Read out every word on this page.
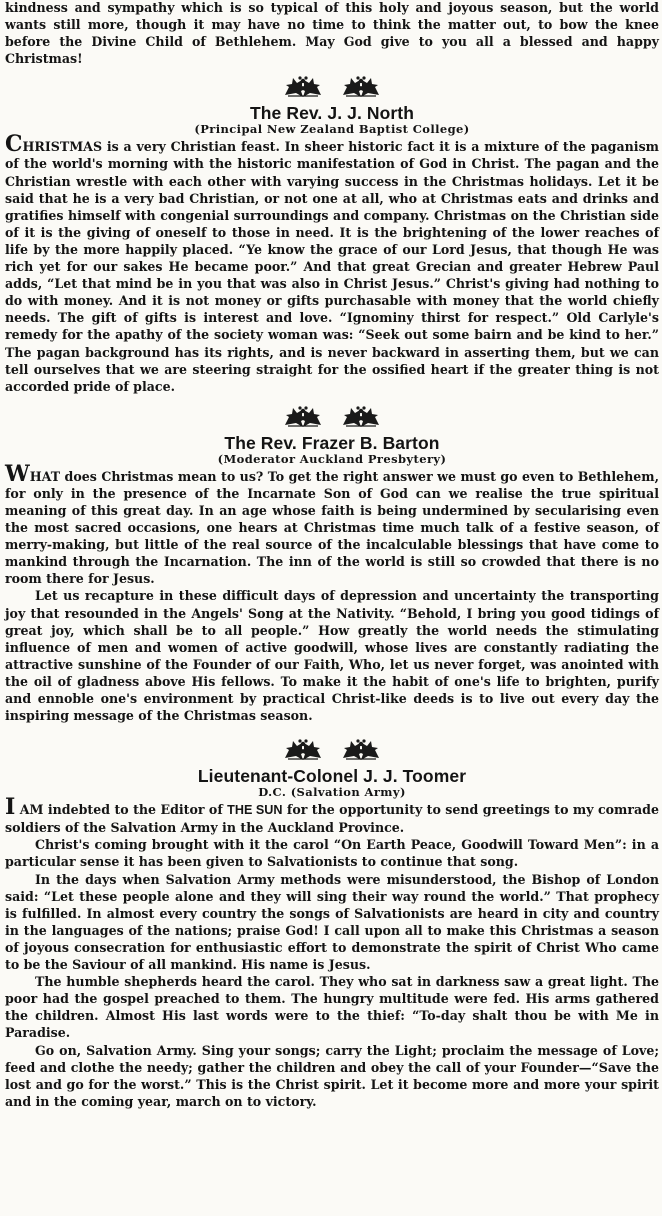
kindness and sympathy which is so typical of this holy and joyous season, but the world wants still more, though it may have no time to think the matter out, to bow the knee before the Divine Child of Bethlehem. May God give to you all a blessed and happy Christmas!

The Rev. J. J. North
(Principal New Zealand Baptist College)

CHRISTMAS is a very Christian feast. In sheer historic fact it is a mixture of the paganism of the world's morning with the historic manifestation of God in Christ. The pagan and the Christian wrestle with each other with varying success in the Christmas holidays. Let it be said that he is a very bad Christian, or not one at all, who at Christmas eats and drinks and gratifies himself with congenial surroundings and company. Christmas on the Christian side of it is the giving of oneself to those in need. It is the brightening of the lower reaches of life by the more happily placed. “Ye know the grace of our Lord Jesus, that though He was rich yet for our sakes He became poor.” And that great Grecian and greater Hebrew Paul adds, “Let that mind be in you that was also in Christ Jesus.” Christ's giving had nothing to do with money. And it is not money or gifts purchasable with money that the world chiefly needs. The gift of gifts is interest and love. “Ignominy thirst for respect.” Old Carlyle's remedy for the apathy of the society woman was: “Seek out some bairn and be kind to her.” The pagan background has its rights, and is never backward in asserting them, but we can tell ourselves that we are steering straight for the ossified heart if the greater thing is not accorded pride of place.

The Rev. Frazer B. Barton
(Moderator Auckland Presbytery)

WHAT does Christmas mean to us? To get the right answer we must go even to Bethlehem, for only in the presence of the Incarnate Son of God can we realise the true spiritual meaning of this great day. In an age whose faith is being undermined by secularising even the most sacred occasions, one hears at Christmas time much talk of a festive season, of merry-making, but little of the real source of the incalculable blessings that have come to mankind through the Incarnation. The inn of the world is still so crowded that there is no room there for Jesus.

Let us recapture in these difficult days of depression and uncertainty the transporting joy that resounded in the Angels' Song at the Nativity. “Behold, I bring you good tidings of great joy, which shall be to all people.” How greatly the world needs the stimulating influence of men and women of active goodwill, whose lives are constantly radiating the attractive sunshine of the Founder of our Faith, Who, let us never forget, was anointed with the oil of gladness above His fellows. To make it the habit of one's life to brighten, purify and ennoble one's environment by practical Christ-like deeds is to live out every day the inspiring message of the Christmas season.

Lieutenant-Colonel J. J. Toomer
D.C. (Salvation Army)

I AM indebted to the Editor of THE SUN for the opportunity to send greetings to my comrade soldiers of the Salvation Army in the Auckland Province.

Christ's coming brought with it the carol “On Earth Peace, Goodwill Toward Men”: in a particular sense it has been given to Salvationists to continue that song.

In the days when Salvation Army methods were misunderstood, the Bishop of London said: “Let these people alone and they will sing their way round the world.” That prophecy is fulfilled. In almost every country the songs of Salvationists are heard in city and country in the languages of the nations; praise God! I call upon all to make this Christmas a season of joyous consecration for enthusiastic effort to demonstrate the spirit of Christ Who came to be the Saviour of all mankind. His name is Jesus.

The humble shepherds heard the carol. They who sat in darkness saw a great light. The poor had the gospel preached to them. The hungry multitude were fed. His arms gathered the children. Almost His last words were to the thief: “To-day shalt thou be with Me in Paradise.

Go on, Salvation Army. Sing your songs; carry the Light; proclaim the message of Love; feed and clothe the needy; gather the children and obey the call of your Founder—“Save the lost and go for the worst.” This is the Christ spirit. Let it become more and more your spirit and in the coming year, march on to victory.
